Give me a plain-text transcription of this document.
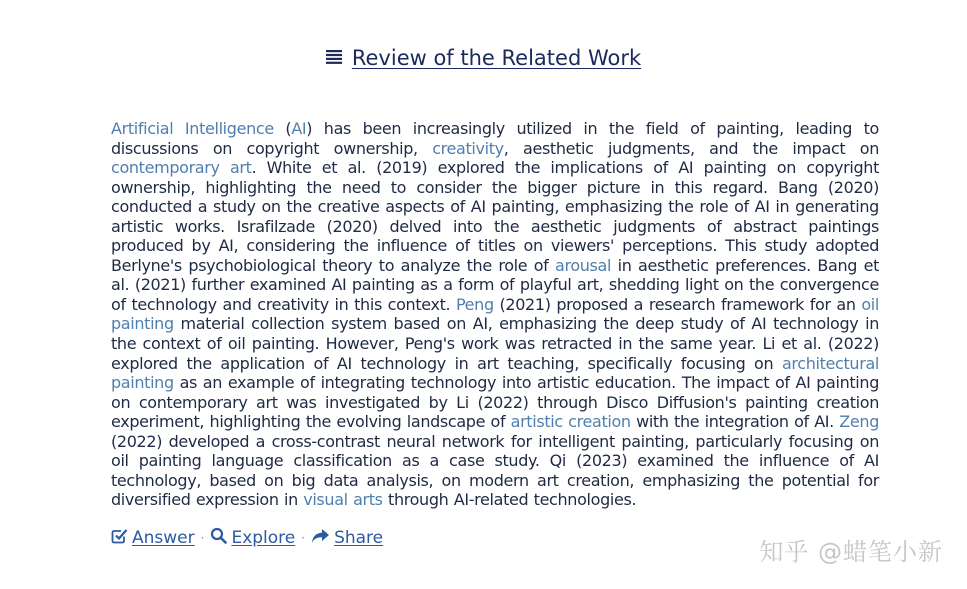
Review of the Related Work
Artificial Intelligence (AI) has been increasingly utilized in the field of painting, leading to discussions on copyright ownership, creativity, aesthetic judgments, and the impact on contemporary art. White et al. (2019) explored the implications of AI painting on copyright ownership, highlighting the need to consider the bigger picture in this regard. Bang (2020) conducted a study on the creative aspects of AI painting, emphasizing the role of AI in generating artistic works. Israfilzade (2020) delved into the aesthetic judgments of abstract paintings produced by AI, considering the influence of titles on viewers' perceptions. This study adopted Berlyne's psychobiological theory to analyze the role of arousal in aesthetic preferences. Bang et al. (2021) further examined AI painting as a form of playful art, shedding light on the convergence of technology and creativity in this context. Peng (2021) proposed a research framework for an oil painting material collection system based on AI, emphasizing the deep study of AI technology in the context of oil painting. However, Peng's work was retracted in the same year. Li et al. (2022) explored the application of AI technology in art teaching, specifically focusing on architectural painting as an example of integrating technology into artistic education. The impact of AI painting on contemporary art was investigated by Li (2022) through Disco Diffusion's painting creation experiment, highlighting the evolving landscape of artistic creation with the integration of AI. Zeng (2022) developed a cross-contrast neural network for intelligent painting, particularly focusing on oil painting language classification as a case study. Qi (2023) examined the influence of AI technology, based on big data analysis, on modern art creation, emphasizing the potential for diversified expression in visual arts through AI-related technologies.
Answer · Explore · Share	知乎 @蜡笔小新
